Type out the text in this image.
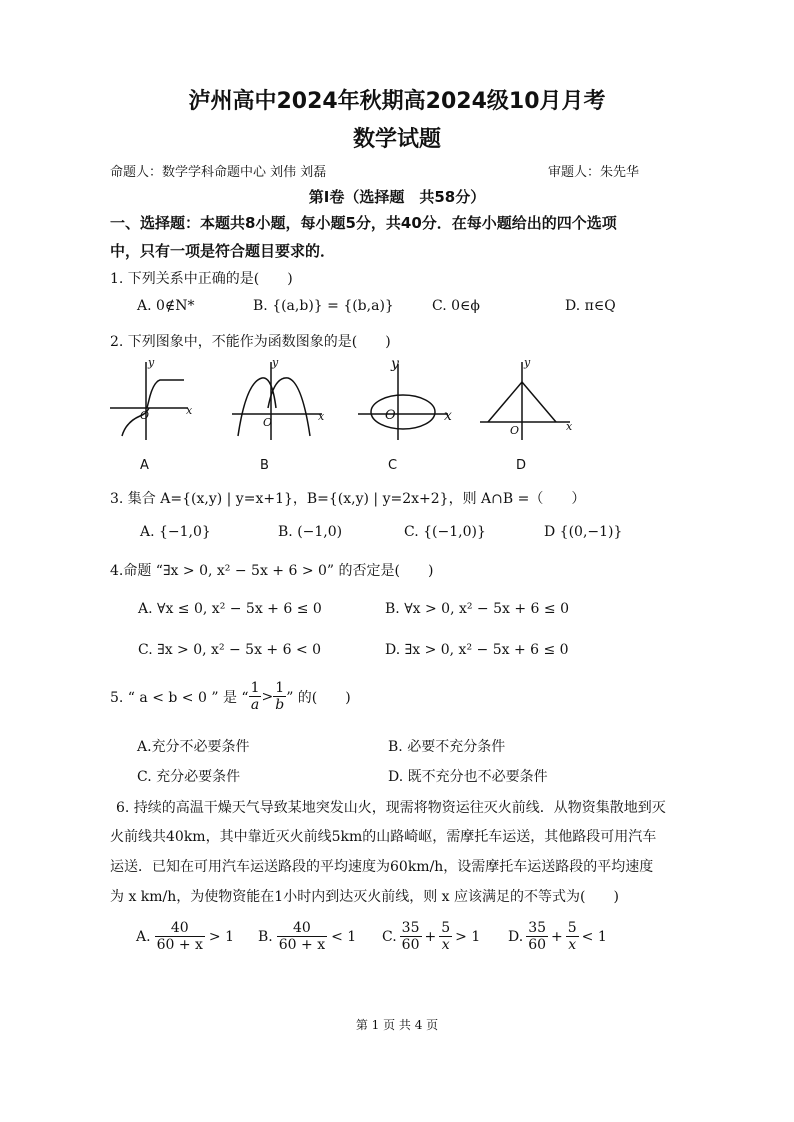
泸州高中2024年秋期高2024级10月月考
数学试题
命题人：数学学科命题中心 刘伟 刘磊	审题人：朱先华
第Ⅰ卷（选择题　共58分）
一、选择题：本题共8小题，每小题5分，共40分．在每小题给出的四个选项
中，只有一项是符合题目要求的．
1. 下列关系中正确的是(　　)
A. 0∉N*	B. {(a,b)} = {(b,a)}	C. 0∈ϕ	D. π∈Q
2. 下列图象中，不能作为函数图象的是(　　)
y
x
O
y
x
O
y
x
O
y
x
O
A	B	C	D
3. 集合 A={(x,y) | y=x+1}，B={(x,y) | y=2x+2}，则 A∩B =（　　）
A. {−1,0}	B. (−1,0)	C. {(−1,0)}	D {(0,−1)}
4.命题 “∃x > 0, x² − 5x + 6 > 0” 的否定是(　　)
A. ∀x ≤ 0, x² − 5x + 6 ≤ 0	B. ∀x > 0, x² − 5x + 6 ≤ 0
C. ∃x > 0, x² − 5x + 6 < 0	D. ∃x > 0, x² − 5x + 6 ≤ 0
5. “ a < b < 0 ” 是 “ $\frac{1}{a} > \frac{1}{b}$ ” 的(　　)
A.充分不必要条件	B. 必要不充分条件
C. 充分必要条件	D. 既不充分也不必要条件
6. 持续的高温干燥天气导致某地突发山火，现需将物资运往灭火前线．从物资集散地到灭
火前线共40km，其中靠近灭火前线5km的山路崎岖，需摩托车运送，其他路段可用汽车
运送．已知在可用汽车运送路段的平均速度为60km/h，设需摩托车运送路段的平均速度
为 x km/h，为使物资能在1小时内到达灭火前线，则 x 应该满足的不等式为(　　)
A. $\frac{40}{60 + x} > 1$ B. $\frac{40}{60 + x} < 1$ C. $\frac{35}{60} + \frac{5}{x} > 1$ D. $\frac{35}{60} + \frac{5}{x} < 1$
第 1 页 共 4 页
